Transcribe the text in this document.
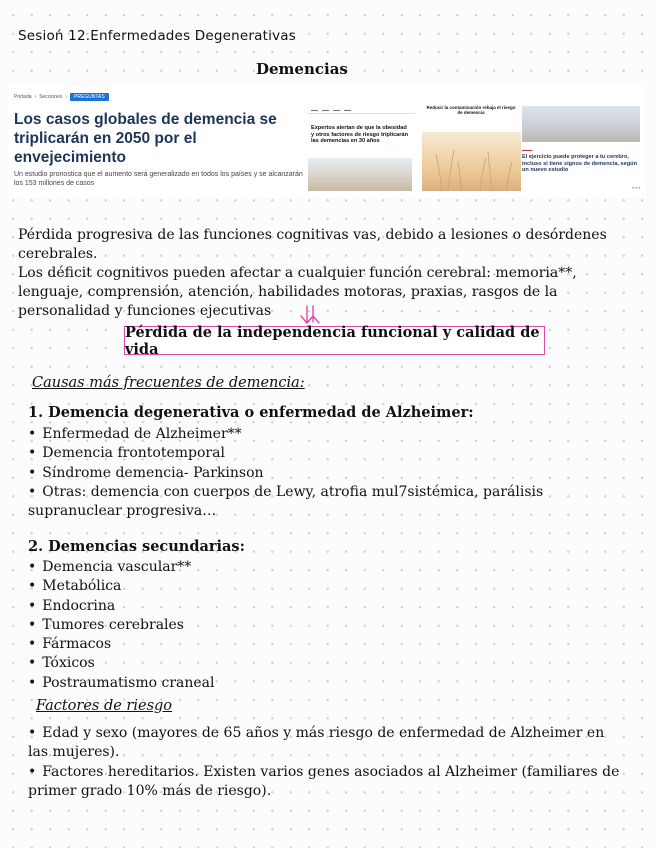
Sesioń 12.Enfermedades Degenerativas
Demencias
Portada › Secciones ›	PREGUNTAS
Los casos globales de demencia se triplicarán en 2050 por el envejecimiento
Un estudio pronostica que el aumento será generalizado en todos los países y se alcanzarán los 153 millones de casos
▬▬ ▬▬ ▬▬ ▬▬
Expertos alertan de que la obesidad y otros factores de riesgo triplicarán las demencias en 30 años
Reducir la contaminación rebaja el riesgo de demencia
▬▬▬
El ejercicio puede proteger a tu cerebro, incluso si tiene signos de demencia, según un nuevo estudio
•••
Pérdida progresiva de las funciones cognitivas vas, debido a lesiones o desórdenes cerebrales.
Los déficit cognitivos pueden afectar a cualquier función cerebral: memoria**, lenguaje, comprensión, atención, habilidades motoras, praxias, rasgos de la personalidad y funciones ejecutivas
Pérdida de la independencia funcional y calidad de vida
Causas más frecuentes de demencia:
1. Demencia degenerativa o enfermedad de Alzheimer:
• Enfermedad de Alzheimer**
• Demencia frontotemporal
• Síndrome demencia- Parkinson
• Otras: demencia con cuerpos de Lewy, atrofia mul7sistémica, parálisis supranuclear progresiva…
2. Demencias secundarias:
• Demencia vascular**
• Metabólica
• Endocrina
• Tumores cerebrales
• Fármacos
• Tóxicos
• Postraumatismo craneal
Factores de riesgo
• Edad y sexo (mayores de 65 años y más riesgo de enfermedad de Alzheimer en las mujeres).
• Factores hereditarios. Existen varios genes asociados al Alzheimer (familiares de primer grado 10% más de riesgo).
